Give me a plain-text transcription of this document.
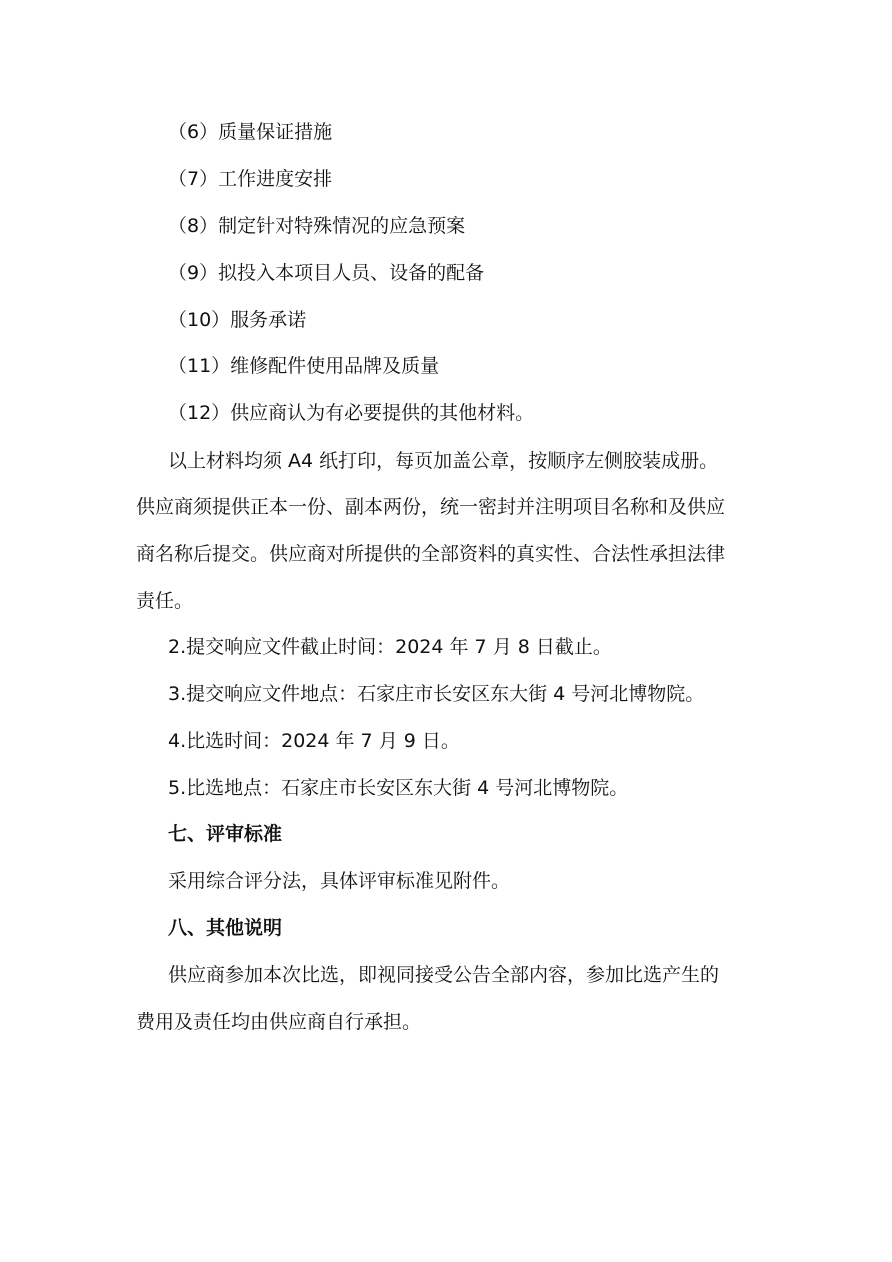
（6）质量保证措施
（7）工作进度安排
（8）制定针对特殊情况的应急预案
（9）拟投入本项目人员、设备的配备
（10）服务承诺
（11）维修配件使用品牌及质量
（12）供应商认为有必要提供的其他材料。
以上材料均须 A4 纸打印，每页加盖公章，按顺序左侧胶装成册。
供应商须提供正本一份、副本两份，统一密封并注明项目名称和及供应
商名称后提交。供应商对所提供的全部资料的真实性、合法性承担法律
责任。
2.提交响应文件截止时间：2024 年 7 月 8 日截止。
3.提交响应文件地点：石家庄市长安区东大街 4 号河北博物院。
4.比选时间：2024 年 7 月 9 日。
5.比选地点：石家庄市长安区东大街 4 号河北博物院。
七、评审标准
采用综合评分法，具体评审标准见附件。
八、其他说明
供应商参加本次比选，即视同接受公告全部内容，参加比选产生的
费用及责任均由供应商自行承担。
